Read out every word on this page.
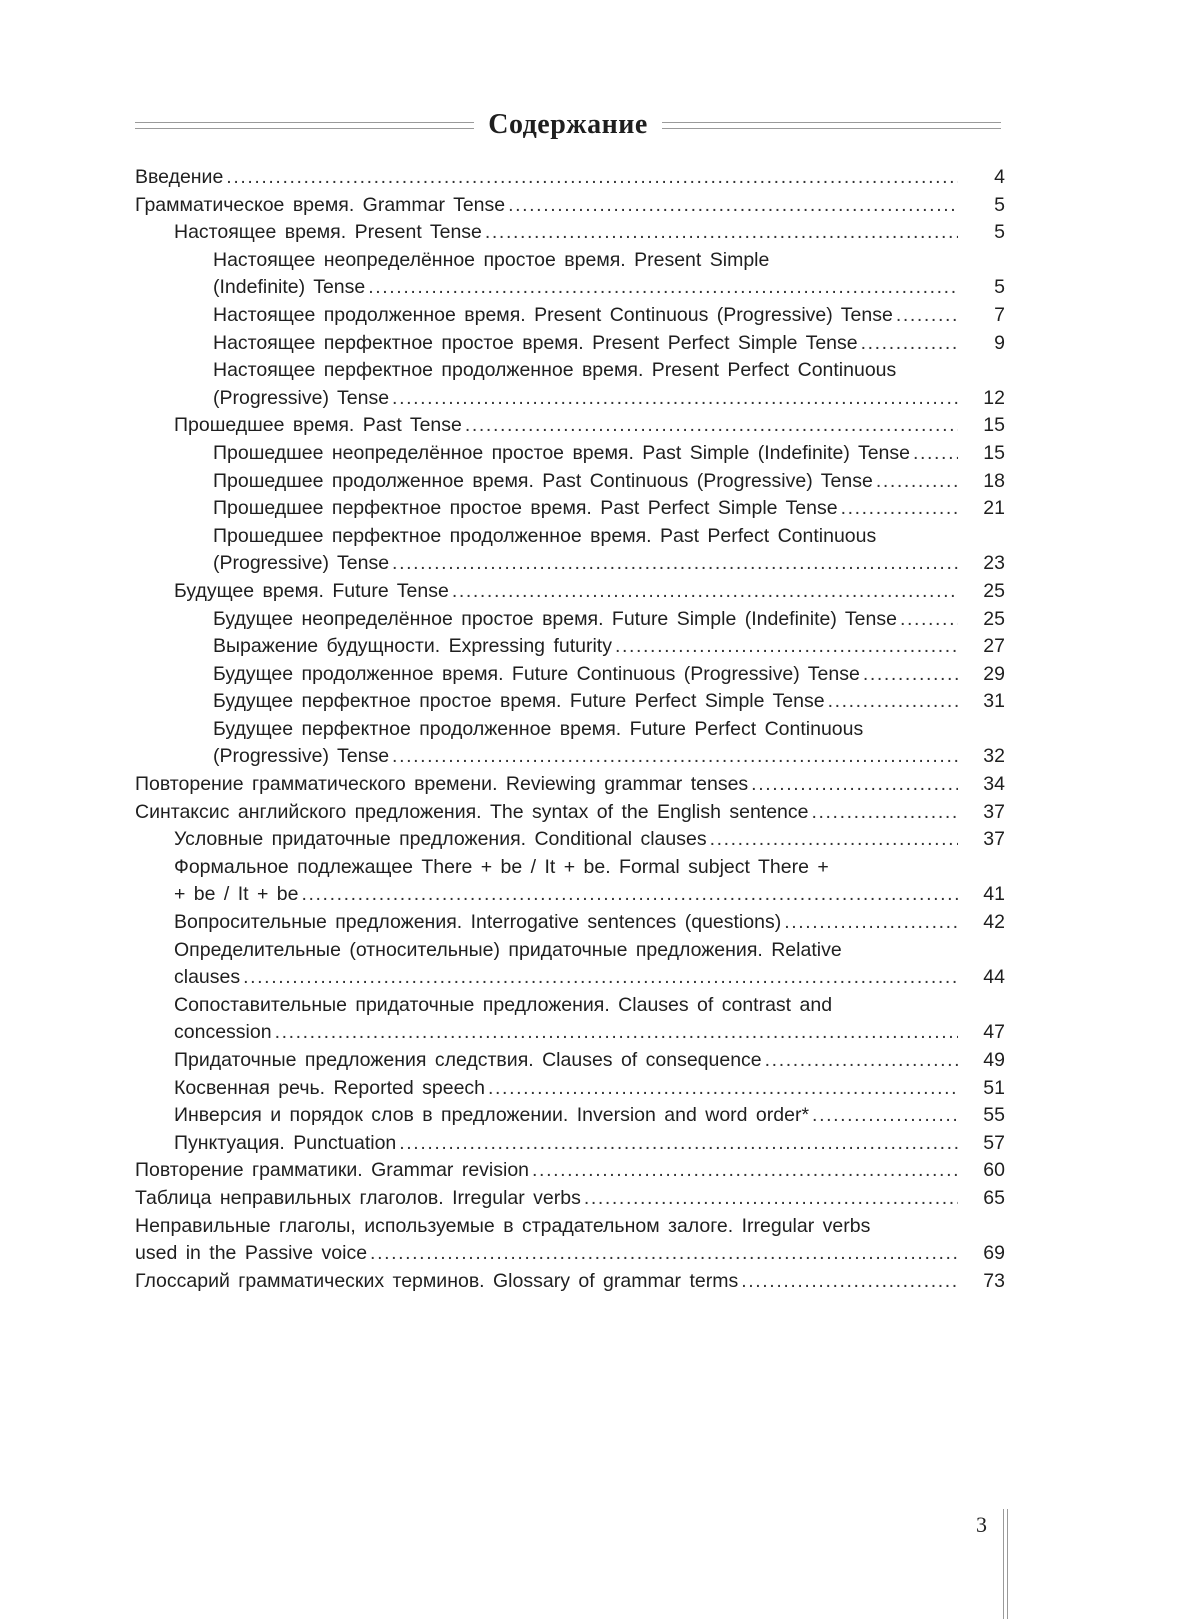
Содержание
Введение .....	4
Грамматическое время. Grammar Tense .....	5
Настоящее время. Present Tense .....	5
Настоящее неопределённое простое время. Present Simple
(Indefinite) Tense .....	5
Настоящее продолженное время. Present Continuous (Progressive) Tense .....	7
Настоящее перфектное простое время. Present Perfect Simple Tense .....	9
Настоящее перфектное продолженное время. Present Perfect Continuous
(Progressive) Tense .....	12
Прошедшее время. Past Tense .....	15
Прошедшее неопределённое простое время. Past Simple (Indefinite) Tense .....	15
Прошедшее продолженное время. Past Continuous (Progressive) Tense .....	18
Прошедшее перфектное простое время. Past Perfect Simple Tense .....	21
Прошедшее перфектное продолженное время. Past Perfect Continuous
(Progressive) Tense .....	23
Будущее время. Future Tense .....	25
Будущее неопределённое простое время. Future Simple (Indefinite) Tense .....	25
Выражение будущности. Expressing futurity .....	27
Будущее продолженное время. Future Continuous (Progressive) Tense .....	29
Будущее перфектное простое время. Future Perfect Simple Tense .....	31
Будущее перфектное продолженное время. Future Perfect Continuous
(Progressive) Tense .....	32
Повторение грамматического времени. Reviewing grammar tenses .....	34
Синтаксис английского предложения. The syntax of the English sentence .....	37
Условные придаточные предложения. Conditional clauses .....	37
Формальное подлежащее There + be / It + be. Formal subject There +
+ be / It + be .....	41
Вопросительные предложения. Interrogative sentences (questions) .....	42
Определительные (относительные) придаточные предложения. Relative
clauses .....	44
Сопоставительные придаточные предложения. Clauses of contrast and
concession .....	47
Придаточные предложения следствия. Clauses of consequence .....	49
Косвенная речь. Reported speech .....	51
Инверсия и порядок слов в предложении. Inversion and word order* .....	55
Пунктуация. Punctuation .....	57
Повторение грамматики. Grammar revision .....	60
Таблица неправильных глаголов. Irregular verbs .....	65
Неправильные глаголы, используемые в страдательном залоге. Irregular verbs
used in the Passive voice .....	69
Глоссарий грамматических терминов. Glossary of grammar terms .....	73
3
